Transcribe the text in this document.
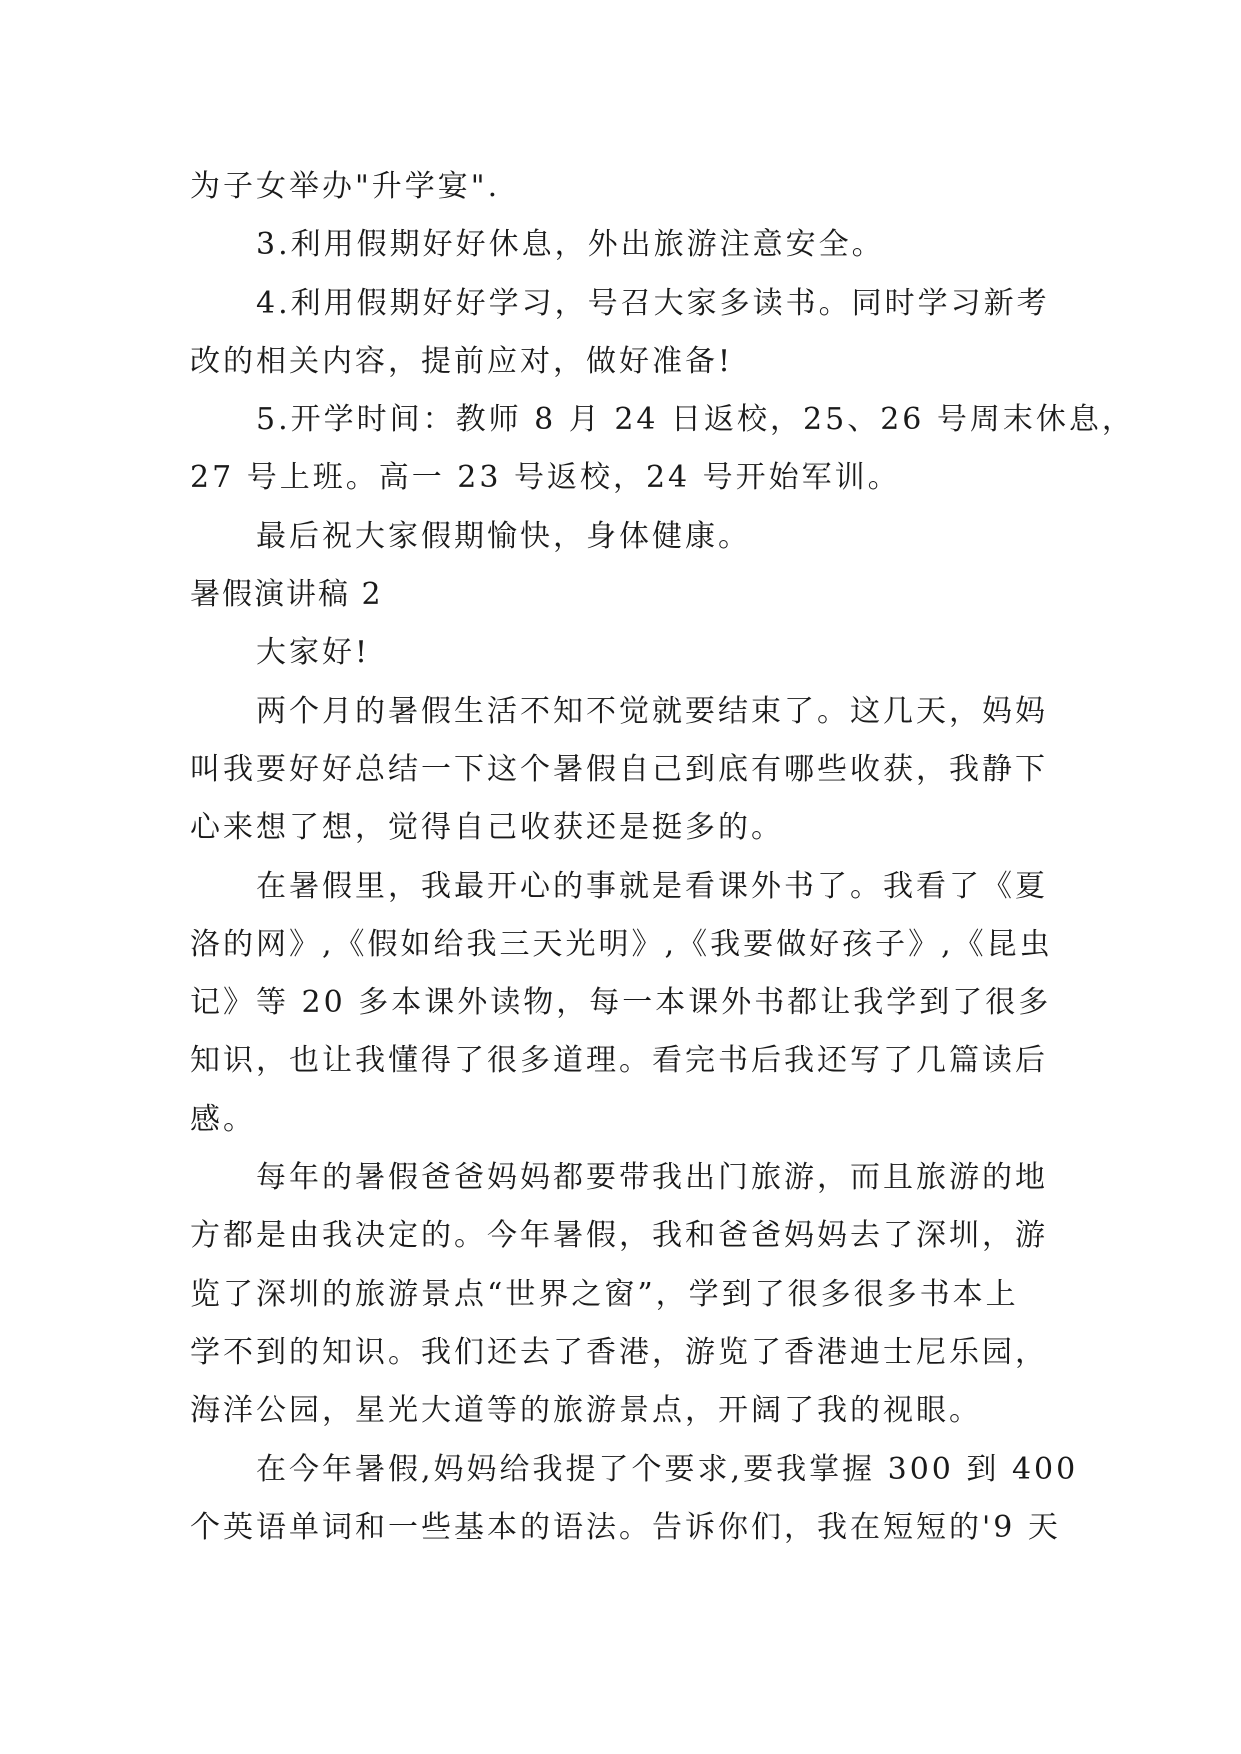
为子女举办"升学宴".
3.利用假期好好休息，外出旅游注意安全。
4.利用假期好好学习，号召大家多读书。同时学习新考
改的相关内容，提前应对，做好准备!
5.开学时间：教师 8 月 24 日返校，25、26 号周末休息，
27 号上班。高一 23 号返校，24 号开始军训。
最后祝大家假期愉快，身体健康。
暑假演讲稿 2
大家好!
两个月的暑假生活不知不觉就要结束了。这几天，妈妈
叫我要好好总结一下这个暑假自己到底有哪些收获，我静下
心来想了想，觉得自己收获还是挺多的。
在暑假里，我最开心的事就是看课外书了。我看了《夏
洛的网》,《假如给我三天光明》,《我要做好孩子》,《昆虫
记》等 20 多本课外读物，每一本课外书都让我学到了很多
知识，也让我懂得了很多道理。看完书后我还写了几篇读后
感。
每年的暑假爸爸妈妈都要带我出门旅游，而且旅游的地
方都是由我决定的。今年暑假，我和爸爸妈妈去了深圳，游
览了深圳的旅游景点“世界之窗”，学到了很多很多书本上
学不到的知识。我们还去了香港，游览了香港迪士尼乐园，
海洋公园，星光大道等的旅游景点，开阔了我的视眼。
在今年暑假,妈妈给我提了个要求,要我掌握 300 到 400
个英语单词和一些基本的语法。告诉你们，我在短短的'9 天
